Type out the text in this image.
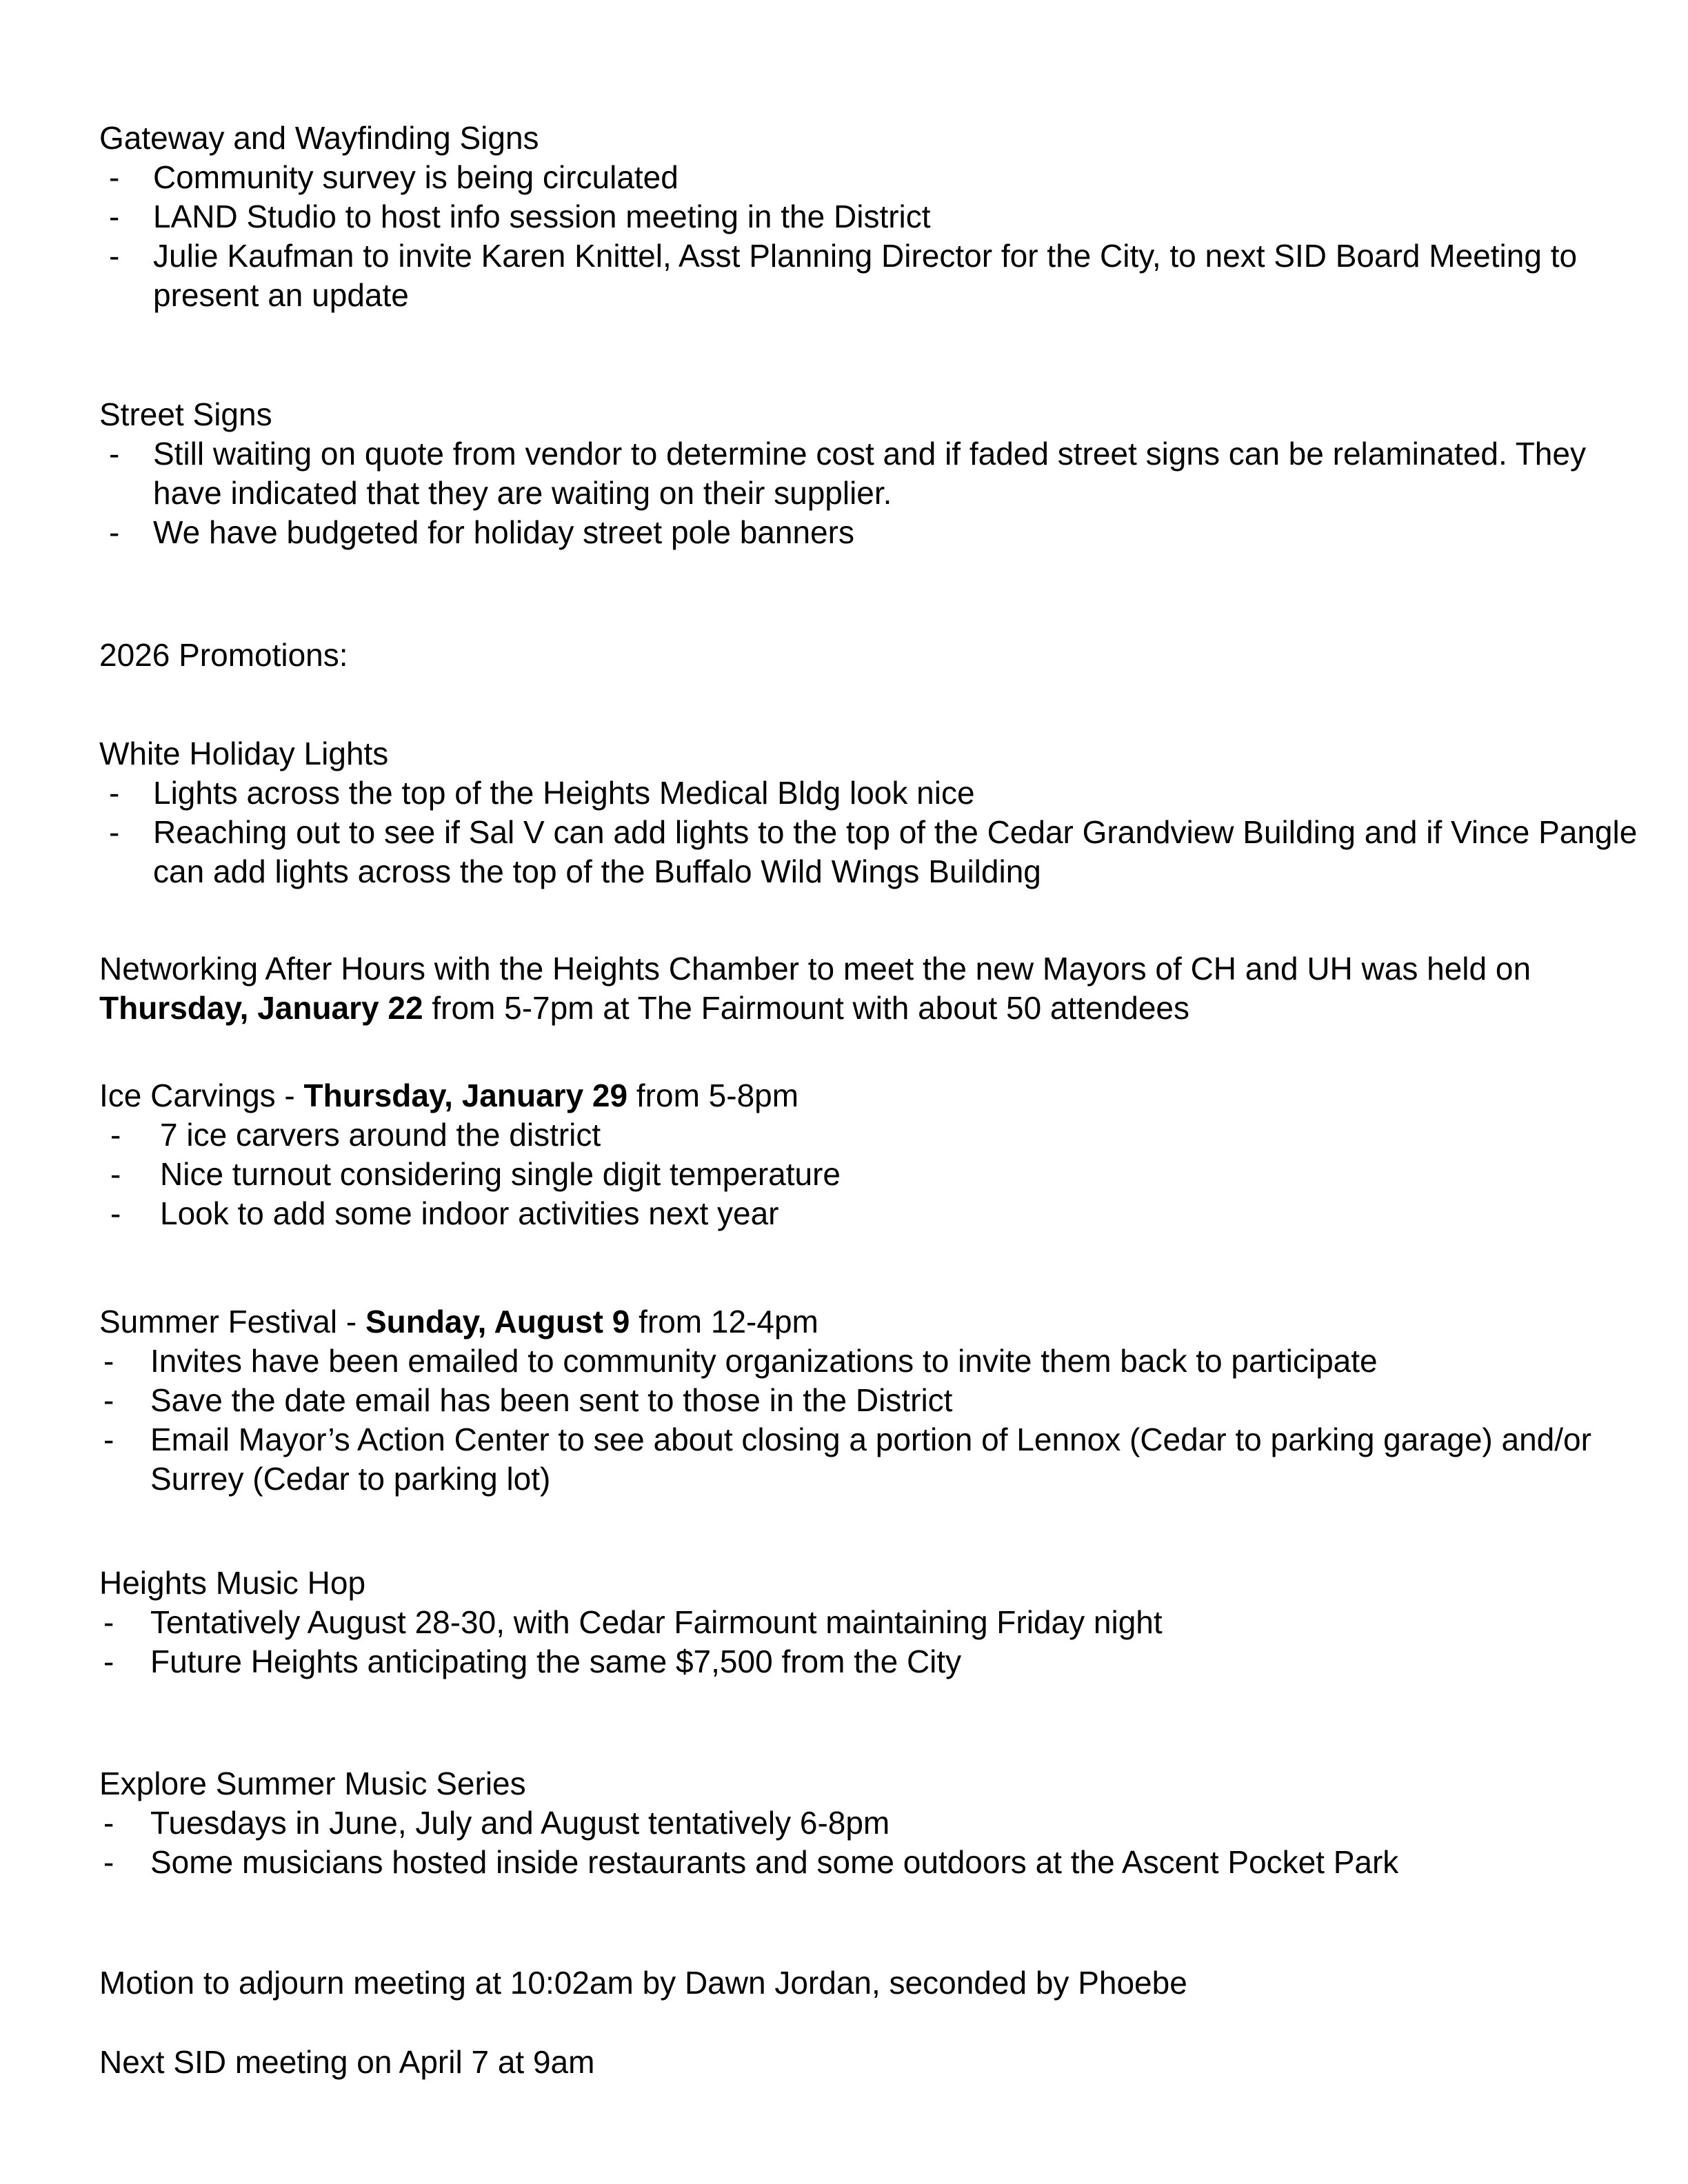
Gateway and Wayfinding Signs
-	Community survey is being circulated
-	LAND Studio to host info session meeting in the District
-	Julie Kaufman to invite Karen Knittel, Asst Planning Director for the City, to next SID Board Meeting to
present an update
Street Signs
-	Still waiting on quote from vendor to determine cost and if faded street signs can be relaminated. They
have indicated that they are waiting on their supplier.
-	We have budgeted for holiday street pole banners
2026 Promotions:
White Holiday Lights
-	Lights across the top of the Heights Medical Bldg look nice
-	Reaching out to see if Sal V can add lights to the top of the Cedar Grandview Building and if Vince Pangle
can add lights across the top of the Buffalo Wild Wings Building
Networking After Hours with the Heights Chamber to meet the new Mayors of CH and UH was held on
Thursday, January 22 from 5-7pm at The Fairmount with about 50 attendees
Ice Carvings - Thursday, January 29 from 5-8pm
-	7 ice carvers around the district
-	Nice turnout considering single digit temperature
-	Look to add some indoor activities next year
Summer Festival - Sunday, August 9 from 12-4pm
-	Invites have been emailed to community organizations to invite them back to participate
-	Save the date email has been sent to those in the District
-	Email Mayor’s Action Center to see about closing a portion of Lennox (Cedar to parking garage) and/or
Surrey (Cedar to parking lot)
Heights Music Hop
-	Tentatively August 28-30, with Cedar Fairmount maintaining Friday night
-	Future Heights anticipating the same $7,500 from the City
Explore Summer Music Series
-	Tuesdays in June, July and August tentatively 6-8pm
-	Some musicians hosted inside restaurants and some outdoors at the Ascent Pocket Park
Motion to adjourn meeting at 10:02am by Dawn Jordan, seconded by Phoebe
Next SID meeting on April 7 at 9am
